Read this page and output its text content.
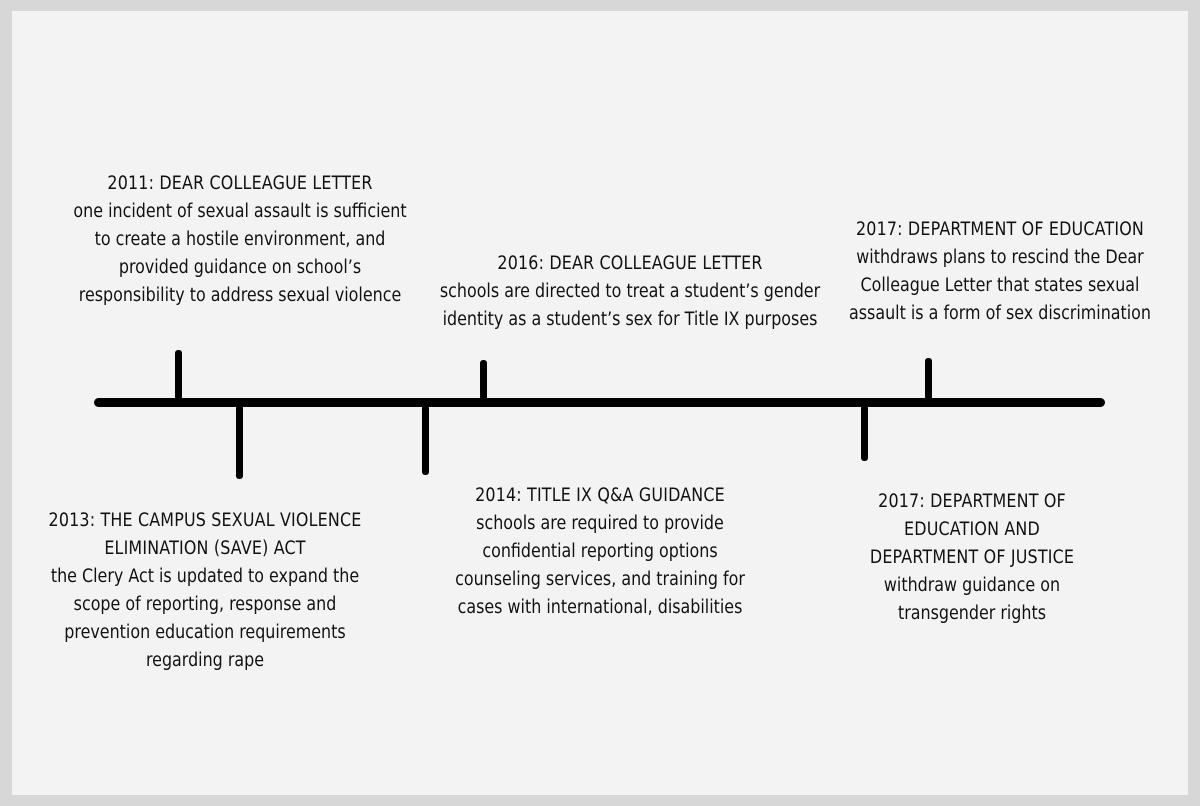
2011: DEAR COLLEAGUE LETTER
one incident of sexual assault is sufficient
to create a hostile environment, and
provided guidance on school’s
responsibility to address sexual violence
2013: THE CAMPUS SEXUAL VIOLENCE
ELIMINATION (SAVE) ACT
the Clery Act is updated to expand the
scope of reporting, response and
prevention education requirements
regarding rape
2014: TITLE IX Q&A GUIDANCE
schools are required to provide
confidential reporting options
counseling services, and training for
cases with international, disabilities
2016: DEAR COLLEAGUE LETTER
schools are directed to treat a student’s gender
identity as a student’s sex for Title IX purposes
2017: DEPARTMENT OF
EDUCATION AND
DEPARTMENT OF JUSTICE
withdraw guidance on
transgender rights
2017: DEPARTMENT OF EDUCATION
withdraws plans to rescind the Dear
Colleague Letter that states sexual
assault is a form of sex discrimination
